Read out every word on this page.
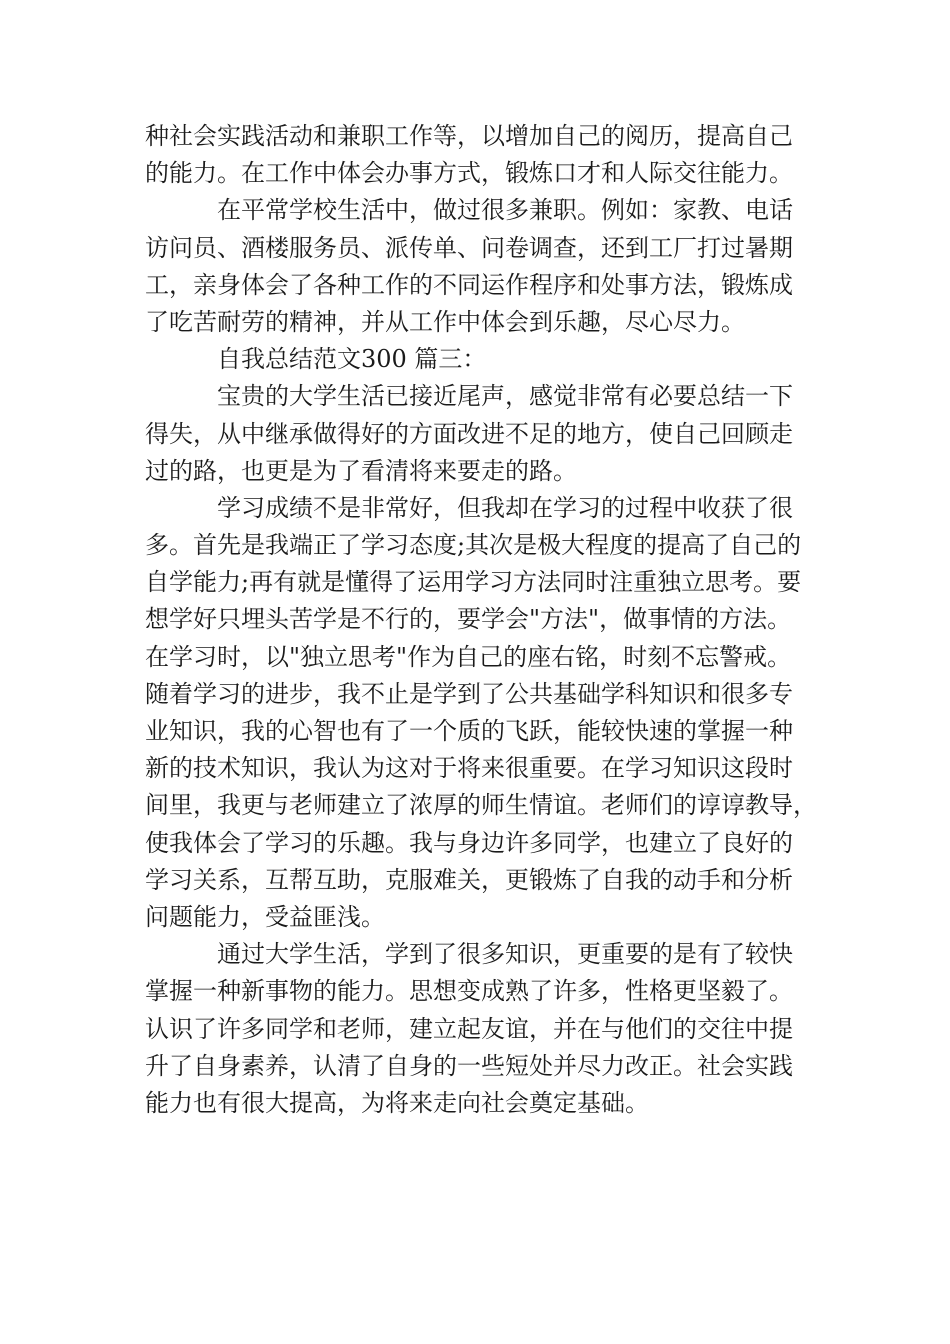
种社会实践活动和兼职工作等，以增加自己的阅历，提高自己
的能力。在工作中体会办事方式，锻炼口才和人际交往能力。
在平常学校生活中，做过很多兼职。例如：家教、电话
访问员、酒楼服务员、派传单、问卷调查，还到工厂打过暑期
工，亲身体会了各种工作的不同运作程序和处事方法，锻炼成
了吃苦耐劳的精神，并从工作中体会到乐趣，尽心尽力。
自我总结范文300 篇三：
宝贵的大学生活已接近尾声，感觉非常有必要总结一下
得失，从中继承做得好的方面改进不足的地方，使自己回顾走
过的路，也更是为了看清将来要走的路。
学习成绩不是非常好，但我却在学习的过程中收获了很
多。首先是我端正了学习态度;其次是极大程度的提高了自己的
自学能力;再有就是懂得了运用学习方法同时注重独立思考。要
想学好只埋头苦学是不行的，要学会"方法"，做事情的方法。
在学习时，以"独立思考"作为自己的座右铭，时刻不忘警戒。
随着学习的进步，我不止是学到了公共基础学科知识和很多专
业知识，我的心智也有了一个质的飞跃，能较快速的掌握一种
新的技术知识，我认为这对于将来很重要。在学习知识这段时
间里，我更与老师建立了浓厚的师生情谊。老师们的谆谆教导，
使我体会了学习的乐趣。我与身边许多同学，也建立了良好的
学习关系，互帮互助，克服难关，更锻炼了自我的动手和分析
问题能力，受益匪浅。
通过大学生活，学到了很多知识，更重要的是有了较快
掌握一种新事物的能力。思想变成熟了许多，性格更坚毅了。
认识了许多同学和老师，建立起友谊，并在与他们的交往中提
升了自身素养，认清了自身的一些短处并尽力改正。社会实践
能力也有很大提高，为将来走向社会奠定基础。
